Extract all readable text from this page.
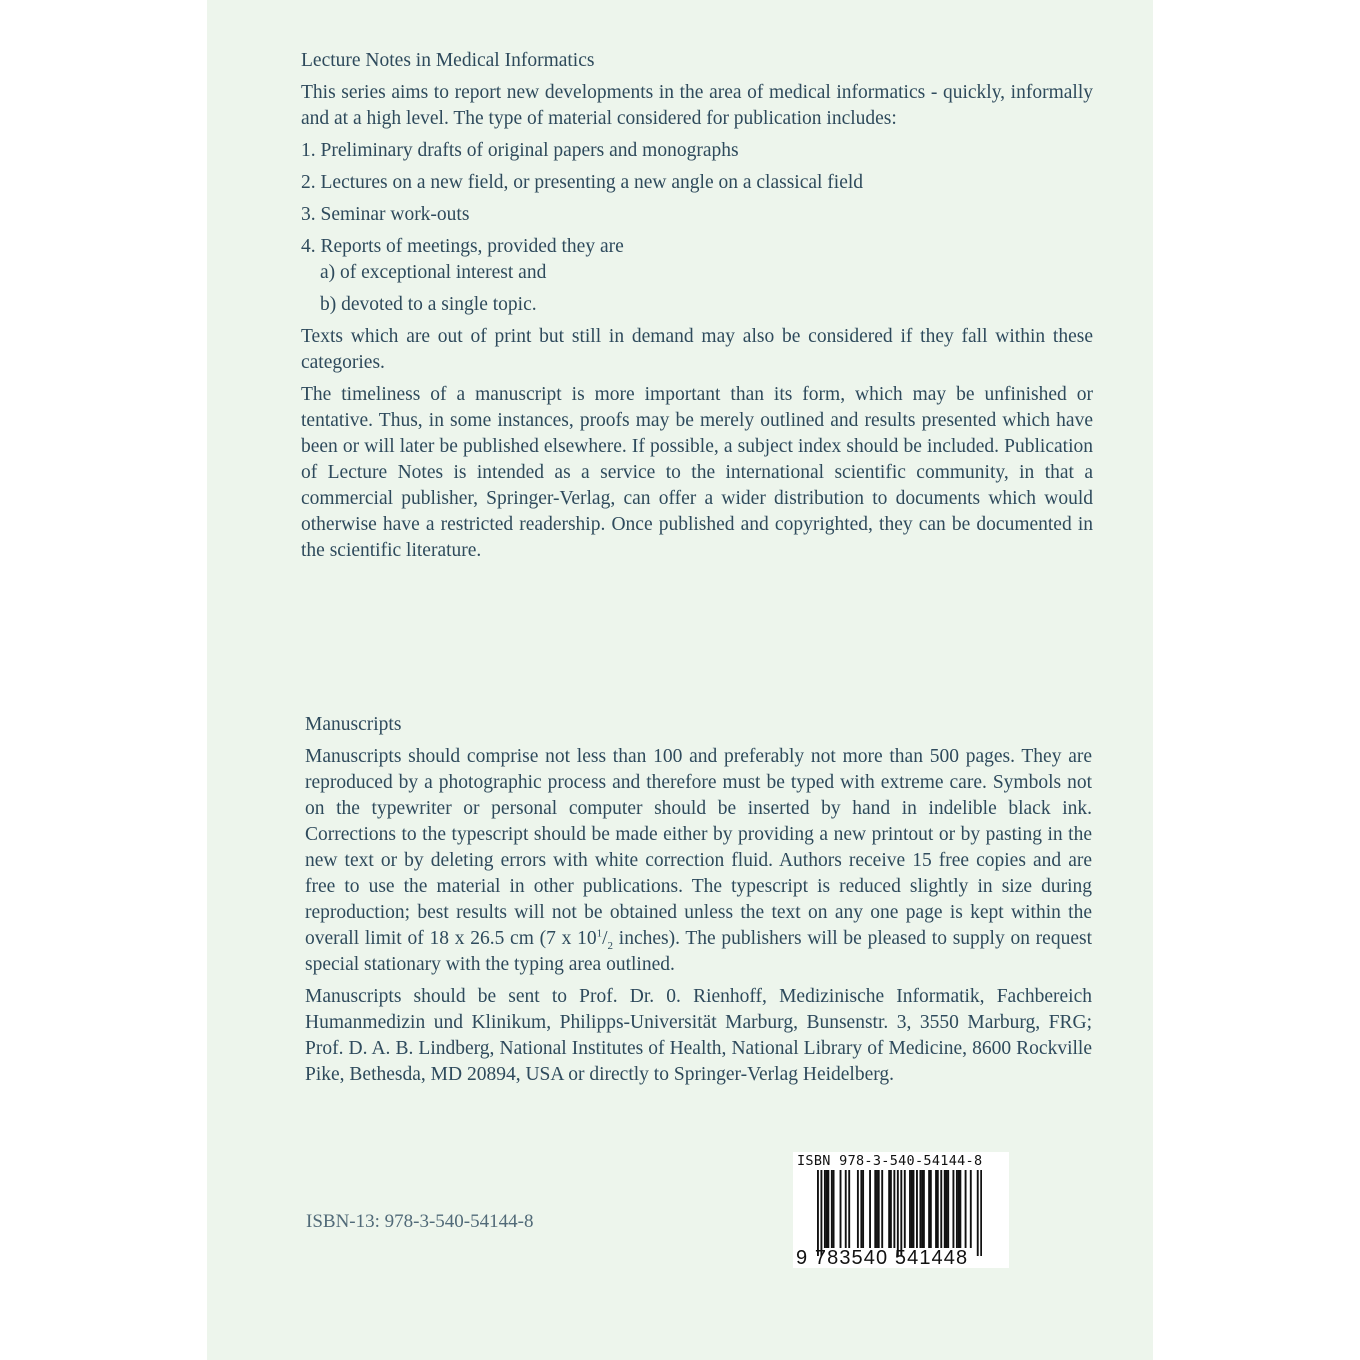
Lecture Notes in Medical Informatics

This series aims to report new developments in the area of medical informatics - quickly, informally and at a high level. The type of material considered for publication includes:

1. Preliminary drafts of original papers and monographs
2. Lectures on a new field, or presenting a new angle on a classical field
3. Seminar work-outs
4. Reports of meetings, provided they are
a) of exceptional interest and
b) devoted to a single topic.

Texts which are out of print but still in demand may also be considered if they fall within these categories.

The timeliness of a manuscript is more important than its form, which may be unfinished or tentative. Thus, in some instances, proofs may be merely outlined and results presented which have been or will later be published elsewhere. If possible, a subject index should be included. Publication of Lecture Notes is intended as a service to the international scientific community, in that a commercial publisher, Springer-Verlag, can offer a wider distribution to documents which would otherwise have a restricted readership. Once published and copyrighted, they can be documented in the scientific literature.

Manuscripts

Manuscripts should comprise not less than 100 and preferably not more than 500 pages. They are reproduced by a photographic process and therefore must be typed with extreme care. Symbols not on the typewriter or personal computer should be inserted by hand in indelible black ink. Corrections to the typescript should be made either by providing a new printout or by pasting in the new text or by deleting errors with white correction fluid. Authors receive 15 free copies and are free to use the material in other publications. The typescript is reduced slightly in size during reproduction; best results will not be obtained unless the text on any one page is kept within the overall limit of 18 x 26.5 cm (7 x $10^1/_2$ inches). The publishers will be pleased to supply on request special stationary with the typing area outlined.

Manuscripts should be sent to Prof. Dr. 0. Rienhoff, Medizinische Informatik, Fachbereich Humanmedizin und Klinikum, Philipps-Universität Marburg, Bunsenstr. 3, 3550 Marburg, FRG; Prof. D. A. B. Lindberg, National Institutes of Health, National Library of Medicine, 8600 Rockville Pike, Bethesda, MD 20894, USA or directly to Springer-Verlag Heidelberg.

ISBN-13: 978-3-540-54144-8
ISBN 978-3-540-54144-8
9 783540 541448
